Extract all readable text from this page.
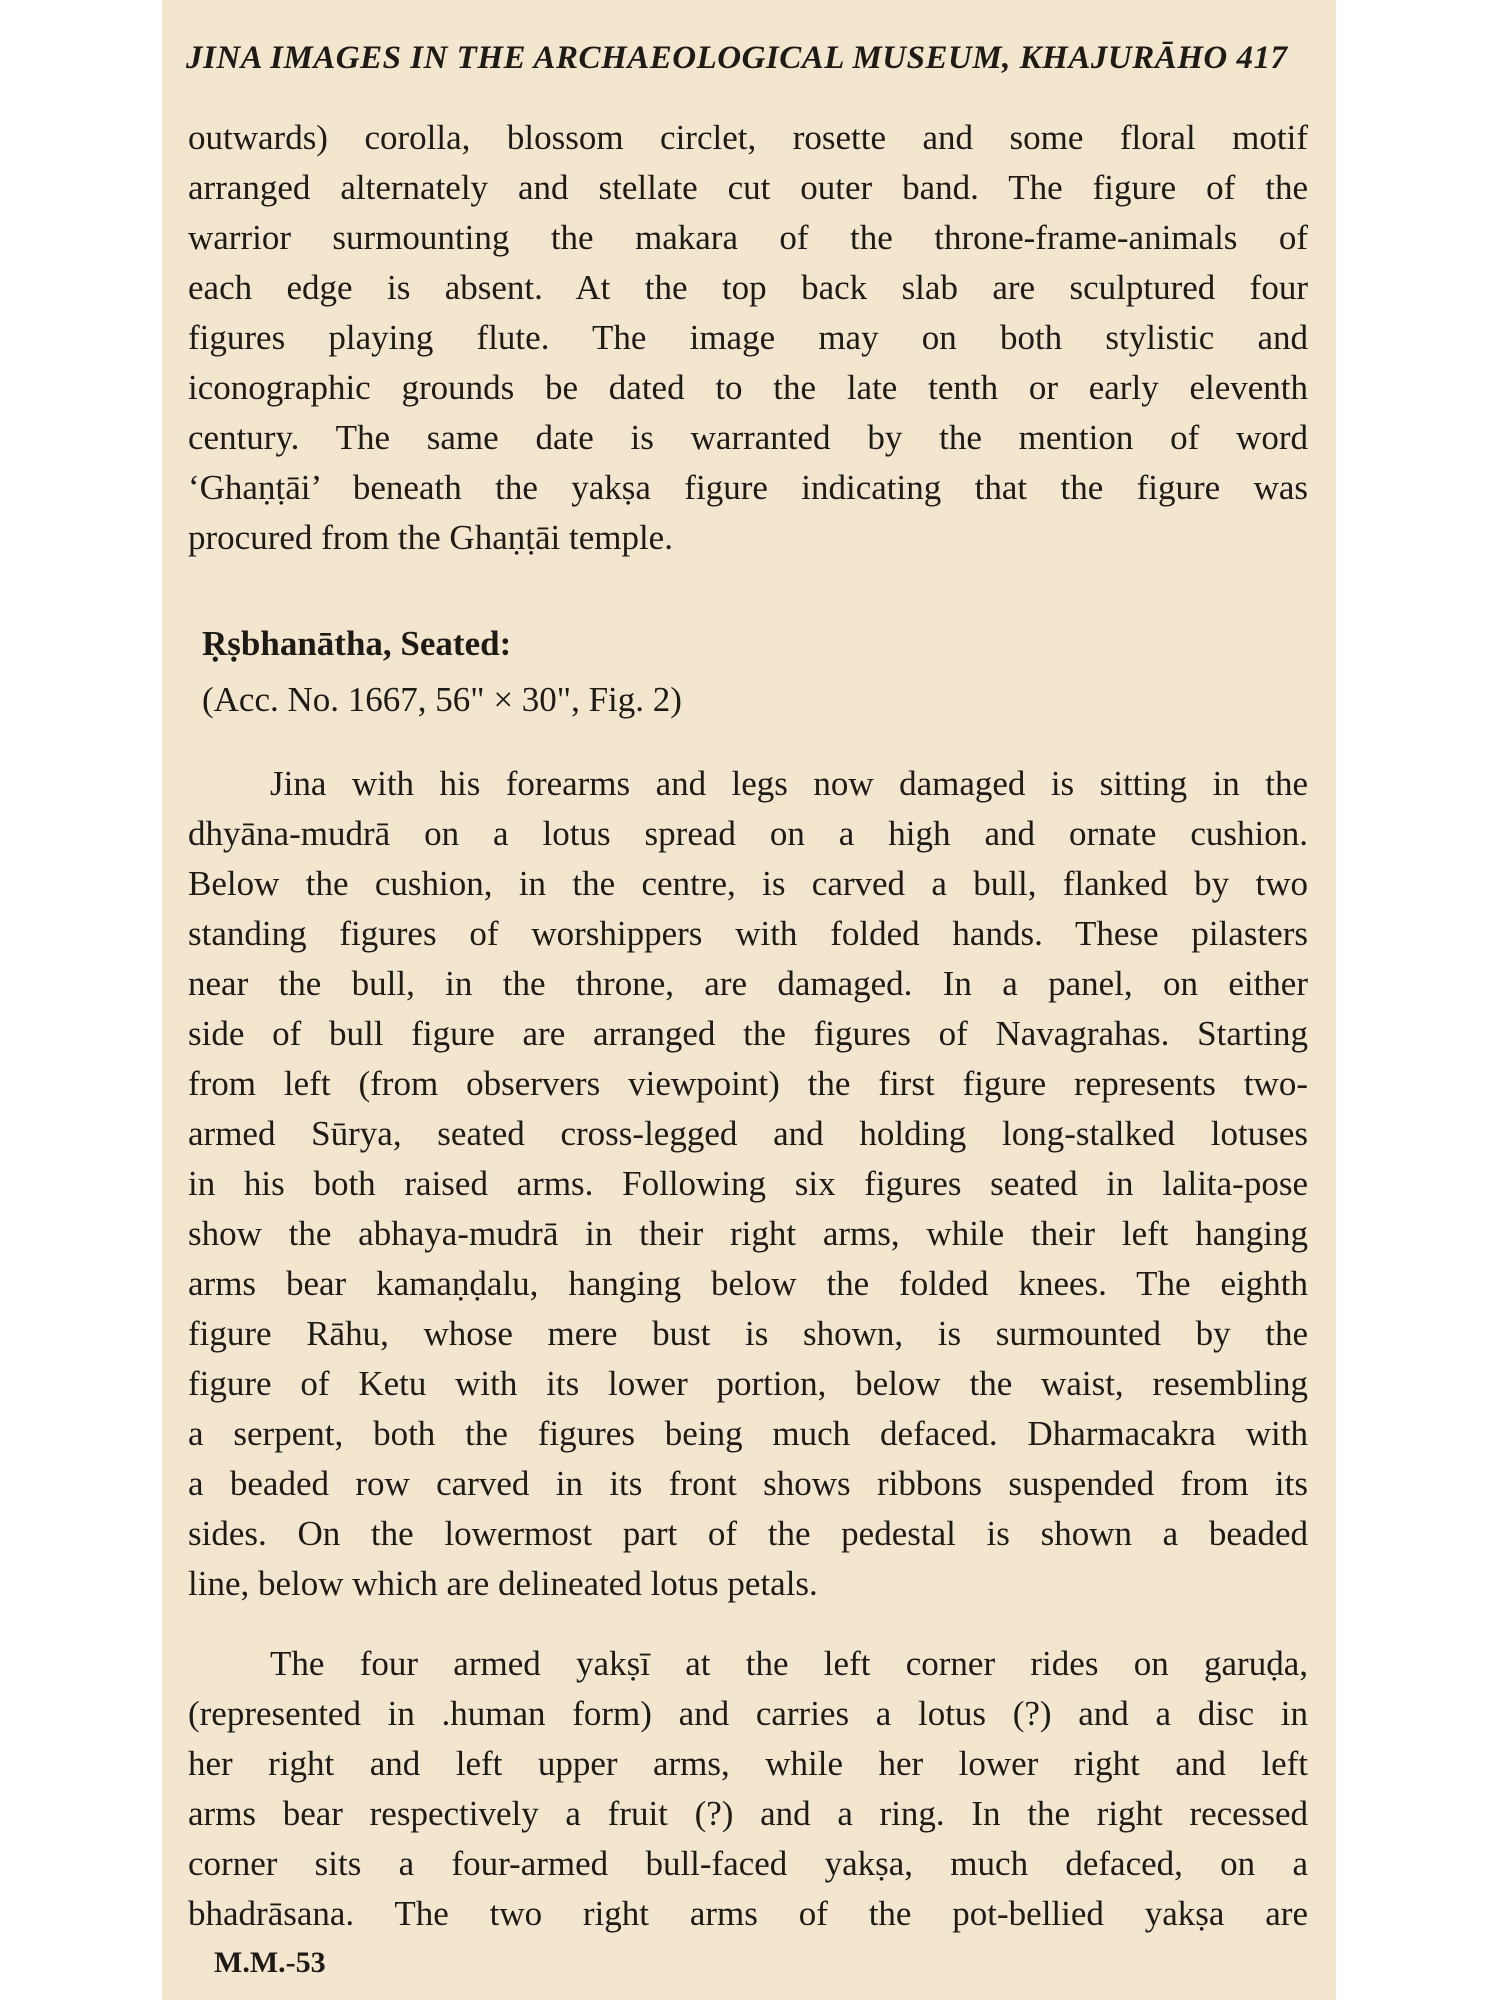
JINA IMAGES IN THE ARCHAEOLOGICAL MUSEUM, KHAJURĀHO 417
outwards) corolla, blossom circlet, rosette and some floral motif
arranged alternately and stellate cut outer band. The figure of the
warrior surmounting the makara of the throne-frame-animals of
each edge is absent. At the top back slab are sculptured four
figures playing flute. The image may on both stylistic and
iconographic grounds be dated to the late tenth or early eleventh
century. The same date is warranted by the mention of word
‘Ghaṇṭāi’ beneath the yakṣa figure indicating that the figure was
procured from the Ghaṇṭāi temple.
Ṛṣbhanātha, Seated:
(Acc. No. 1667, 56" × 30", Fig. 2)
Jina with his forearms and legs now damaged is sitting in the
dhyāna-mudrā on a lotus spread on a high and ornate cushion.
Below the cushion, in the centre, is carved a bull, flanked by two
standing figures of worshippers with folded hands. These pilasters
near the bull, in the throne, are damaged. In a panel, on either
side of bull figure are arranged the figures of Navagrahas. Starting
from left (from observers viewpoint) the first figure represents two-
armed Sūrya, seated cross-legged and holding long-stalked lotuses
in his both raised arms. Following six figures seated in lalita-pose
show the abhaya-mudrā in their right arms, while their left hanging
arms bear kamaṇḍalu, hanging below the folded knees. The eighth
figure Rāhu, whose mere bust is shown, is surmounted by the
figure of Ketu with its lower portion, below the waist, resembling
a serpent, both the figures being much defaced. Dharmacakra with
a beaded row carved in its front shows ribbons suspended from its
sides. On the lowermost part of the pedestal is shown a beaded
line, below which are delineated lotus petals.
The four armed yakṣī at the left corner rides on garuḍa,
(represented in .human form) and carries a lotus (?) and a disc in
her right and left upper arms, while her lower right and left
arms bear respectively a fruit (?) and a ring. In the right recessed
corner sits a four-armed bull-faced yakṣa, much defaced, on a
bhadrāsana. The two right arms of the pot-bellied yakṣa are
M.M.-53
